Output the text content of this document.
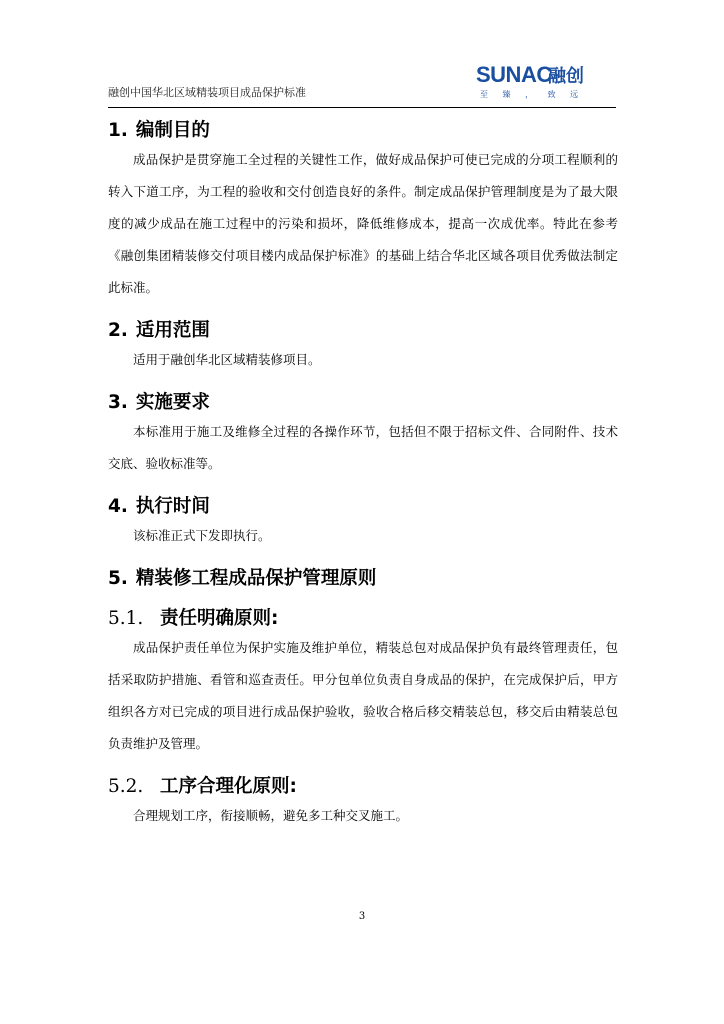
融创中国华北区域精装项目成品保护标准
SUNAC
融创
至 臻 ， 致 远
1. 编制目的

成品保护是贯穿施工全过程的关键性工作，做好成品保护可使已完成的分项工程顺利的转入下道工序，为工程的验收和交付创造良好的条件。制定成品保护管理制度是为了最大限度的减少成品在施工过程中的污染和损坏，降低维修成本，提高一次成优率。特此在参考《融创集团精装修交付项目楼内成品保护标准》的基础上结合华北区域各项目优秀做法制定此标准。

2. 适用范围

适用于融创华北区域精装修项目。

3. 实施要求

本标准用于施工及维修全过程的各操作环节，包括但不限于招标文件、合同附件、技术交底、验收标准等。

4. 执行时间

该标准正式下发即执行。

5. 精装修工程成品保护管理原则
5.1. 责任明确原则:

成品保护责任单位为保护实施及维护单位，精装总包对成品保护负有最终管理责任，包括采取防护措施、看管和巡查责任。甲分包单位负责自身成品的保护，在完成保护后，甲方组织各方对已完成的项目进行成品保护验收，验收合格后移交精装总包，移交后由精装总包负责维护及管理。

5.2. 工序合理化原则:

合理规划工序，衔接顺畅，避免多工种交叉施工。

3
